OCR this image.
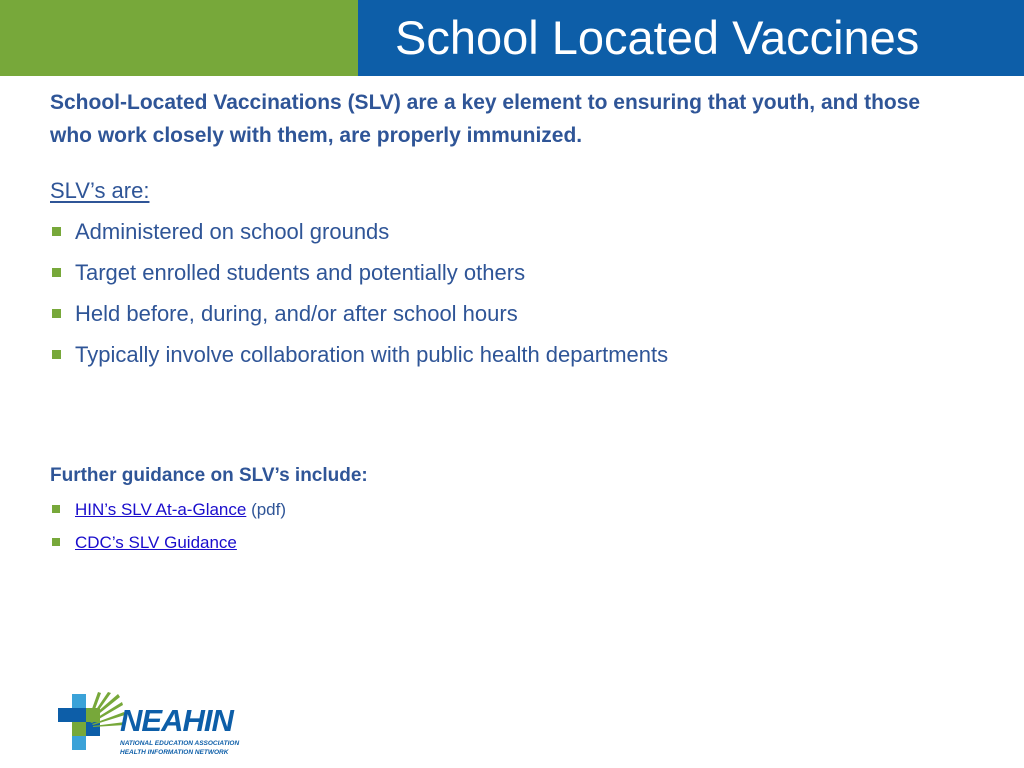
School Located Vaccines

School-Located Vaccinations (SLV) are a key element to ensuring that youth, and those who work closely with them, are properly immunized.

SLV’s are:

Administered on school grounds
Target enrolled students and potentially others
Held before, during, and/or after school hours
Typically involve collaboration with public health departments

Further guidance on SLV’s include:

HIN’s SLV At-a-Glance (pdf)
CDC’s SLV Guidance

NEAHIN

NATIONAL EDUCATION ASSOCIATION

HEALTH INFORMATION NETWORK
